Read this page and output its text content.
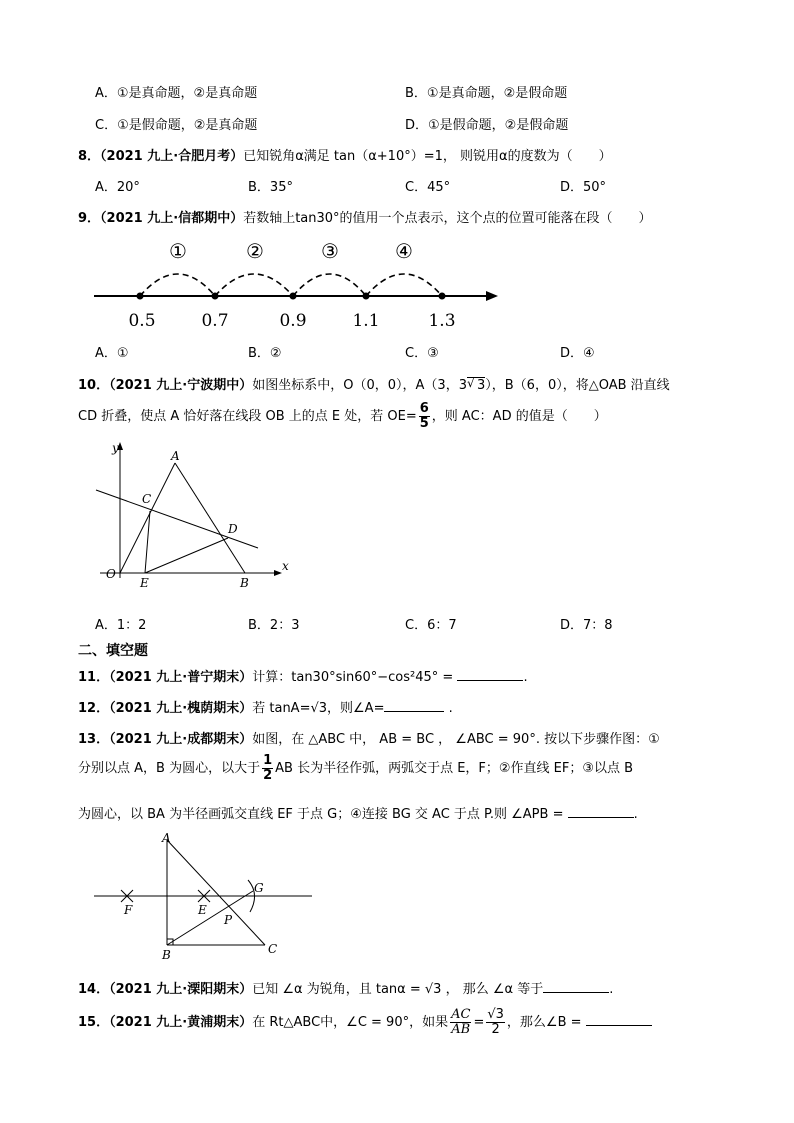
A．①是真命题，②是真命题	B．①是真命题，②是假命题
C．①是假命题，②是真命题	D．①是假命题，②是假命题
8．（2021 九上·合肥月考）已知锐角α满足 tan（α+10°）=1， 则锐用α的度数为（　　）
A．20°	B．35°	C．45°	D．50°
9．（2021 九上·信都期中）若数轴上tan30°的值用一个点表示，这个点的位置可能落在段（　　）
①	②	③	④
0.5	0.7	0.9	1.1	1.3
A．①	B．②	C．③	D．④
10．（2021 九上·宁波期中）如图坐标系中，O（0，0），A（3，3 √ 3），B（6，0），将△OAB 沿直线
CD 折叠，使点 A 恰好落在线段 OB 上的点 E 处，若 $OE= \frac{6}{5}$ ，则 AC：AD 的值是（　　）
y
x
A
C
D
O
E	B
A．1：2	B．2：3	C．6：7	D．7：8
二、填空题
11．（2021 九上·普宁期末）计算：tan30°sin60°−cos²45° =	.
12．（2021 九上·槐荫期末）若 tanA=√3，则∠A=	.
13．（2021 九上·成都期末）如图，在 △ABC 中， AB = BC ， ∠ABC = 90°. 按以下步骤作图：①
分别以点 A，B 为圆心，以大于 $\frac{1}{2}$ AB 长为半径作弧，两弧交于点 E，F；②作直线 EF；③以点 B
为圆心，以 BA 为半径画弧交直线 EF 于点 G；④连接 BG 交 AC 于点 P.则 ∠APB =	.
A
F	E
G
P
B	C
14．（2021 九上·溧阳期末）已知 ∠α 为锐角，且 tanα = √3 ， 那么 ∠α 等于	.
15．（2021 九上·黄浦期末）在 Rt△ABC中，∠C = 90°，如果 $\frac{AC}{AB} = \frac{√3}{2}$ ，那么∠B =
